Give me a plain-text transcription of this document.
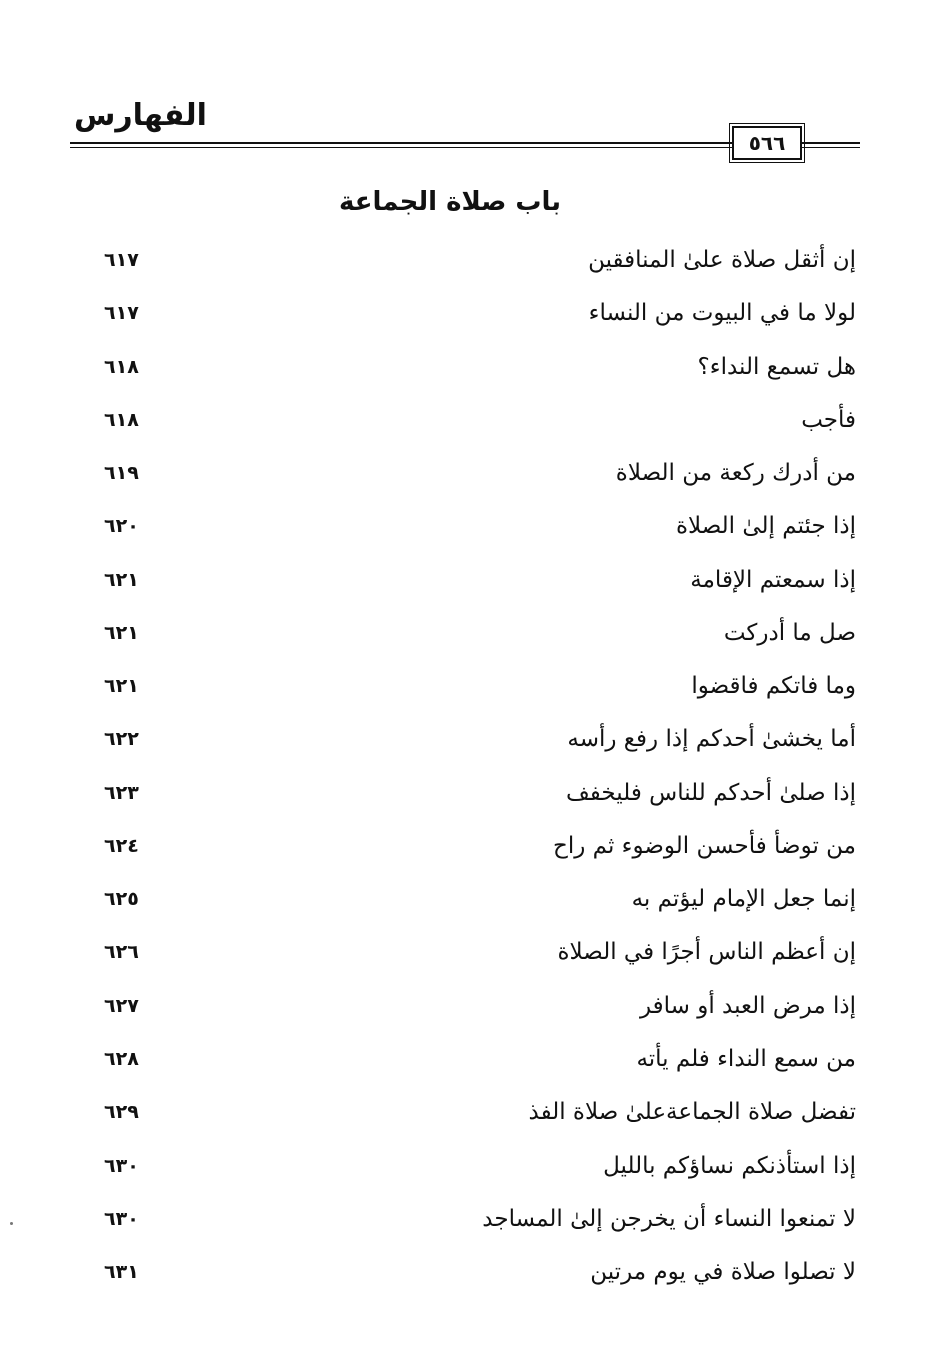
الفهارس
٥٦٦
باب صلاة الجماعة
إن أثقل صلاة علىٰ المنافقين
٦١٧
لولا ما في البيوت من النساء
٦١٧
هل تسمع النداء؟
٦١٨
فأجب
٦١٨
من أدرك ركعة من الصلاة
٦١٩
إذا جئتم إلىٰ الصلاة
٦٢٠
إذا سمعتم الإقامة
٦٢١
صل ما أدركت
٦٢١
وما فاتكم فاقضوا
٦٢١
أما يخشىٰ أحدكم إذا رفع رأسه
٦٢٢
إذا صلىٰ أحدكم للناس فليخفف
٦٢٣
من توضأ فأحسن الوضوء ثم راح
٦٢٤
إنما جعل الإمام ليؤتم به
٦٢٥
إن أعظم الناس أجرًا في الصلاة
٦٢٦
إذا مرض العبد أو سافر
٦٢٧
من سمع النداء فلم يأته
٦٢٨
تفضل صلاة الجماعةعلىٰ صلاة الفذ
٦٢٩
إذا استأذنكم نساؤكم بالليل
٦٣٠
لا تمنعوا النساء أن يخرجن إلىٰ المساجد
٦٣٠
لا تصلوا صلاة في يوم مرتين
٦٣١
